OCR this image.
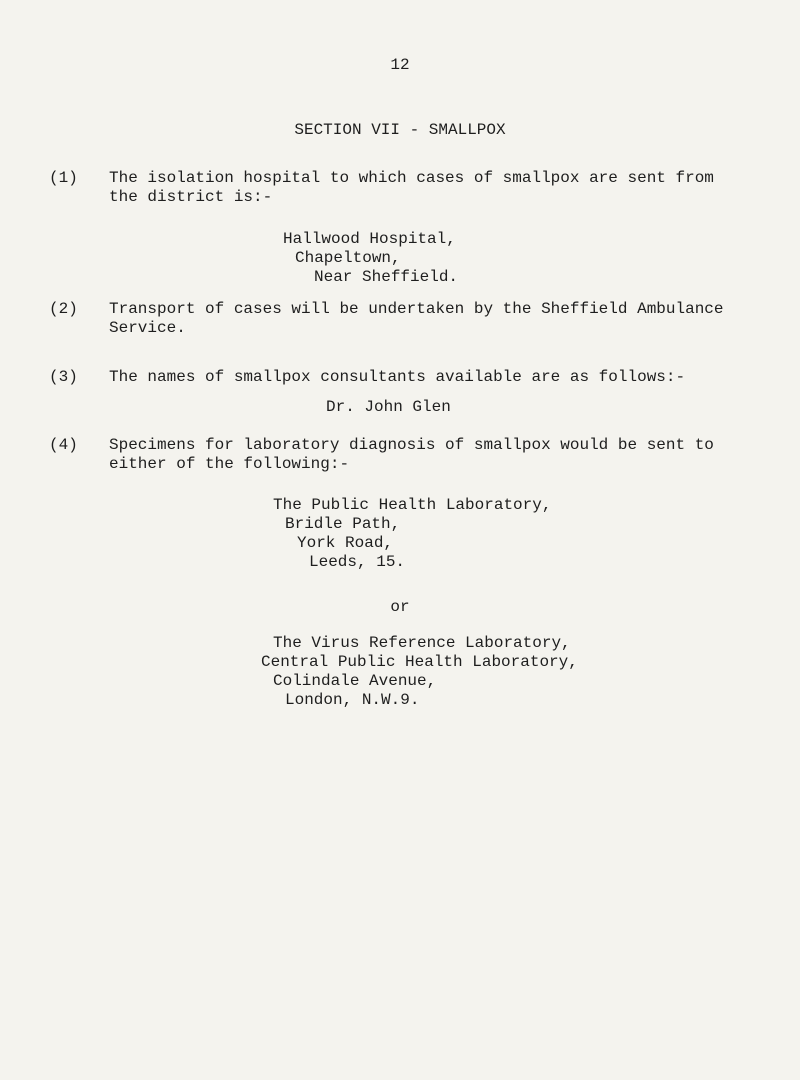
12
SECTION VII - SMALLPOX
(1) The isolation hospital to which cases of smallpox are sent from
the district is:-
Hallwood Hospital,
Chapeltown,
Near Sheffield.
(2) Transport of cases will be undertaken by the Sheffield Ambulance
Service.
(3) The names of smallpox consultants available are as follows:-
Dr. John Glen
(4) Specimens for laboratory diagnosis of smallpox would be sent to
either of the following:-
The Public Health Laboratory,
Bridle Path,
York Road,
Leeds, 15.
or
The Virus Reference Laboratory,
Central Public Health Laboratory,
Colindale Avenue,
London, N.W.9.
